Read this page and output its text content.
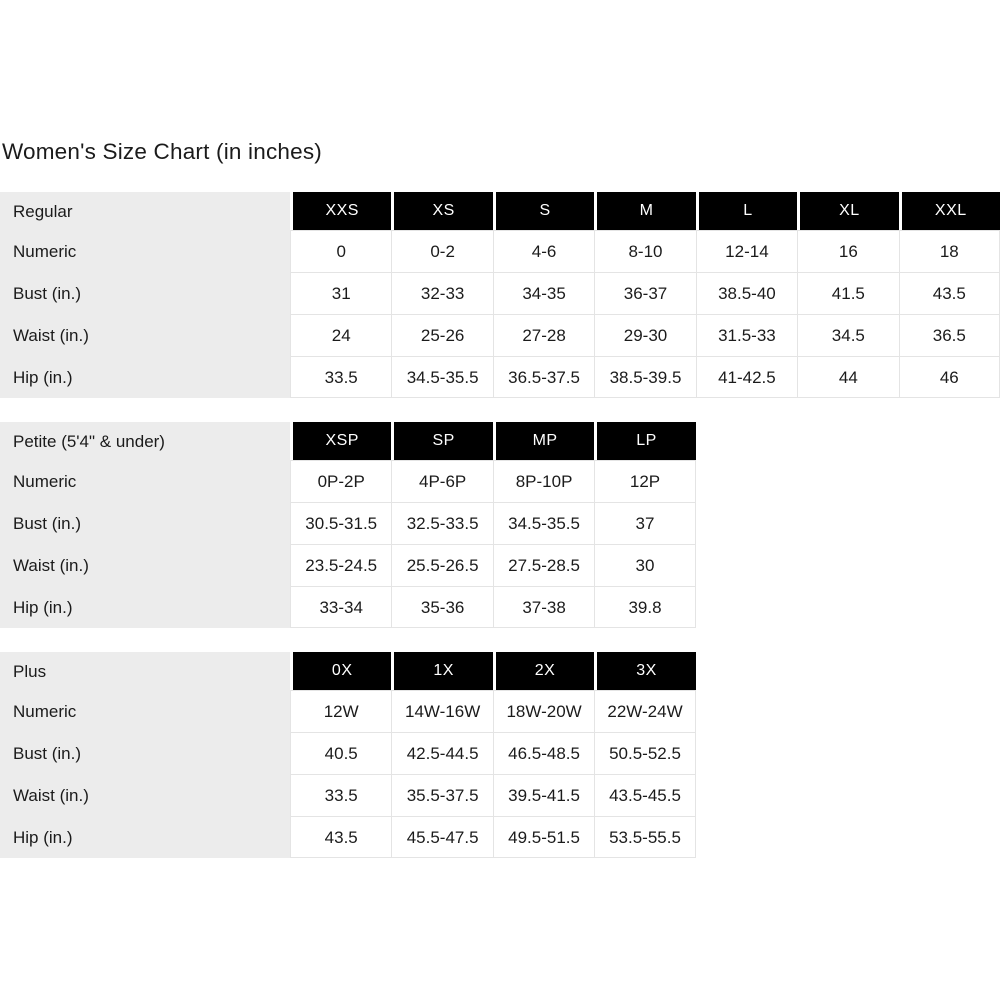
Women's Size Chart (in inches)
Regular	XXS	XS	S	M	L	XL	XXL
Numeric	0	0-2	4-6	8-10	12-14	16	18
Bust (in.)	31	32-33	34-35	36-37	38.5-40	41.5	43.5
Waist (in.)	24	25-26	27-28	29-30	31.5-33	34.5	36.5
Hip (in.)	33.5	34.5-35.5	36.5-37.5	38.5-39.5	41-42.5	44	46
Petite (5'4" & under)	XSP	SP	MP	LP
Numeric	0P-2P	4P-6P	8P-10P	12P
Bust (in.)	30.5-31.5	32.5-33.5	34.5-35.5	37
Waist (in.)	23.5-24.5	25.5-26.5	27.5-28.5	30
Hip (in.)	33-34	35-36	37-38	39.8
Plus	0X	1X	2X	3X
Numeric	12W	14W-16W	18W-20W	22W-24W
Bust (in.)	40.5	42.5-44.5	46.5-48.5	50.5-52.5
Waist (in.)	33.5	35.5-37.5	39.5-41.5	43.5-45.5
Hip (in.)	43.5	45.5-47.5	49.5-51.5	53.5-55.5
